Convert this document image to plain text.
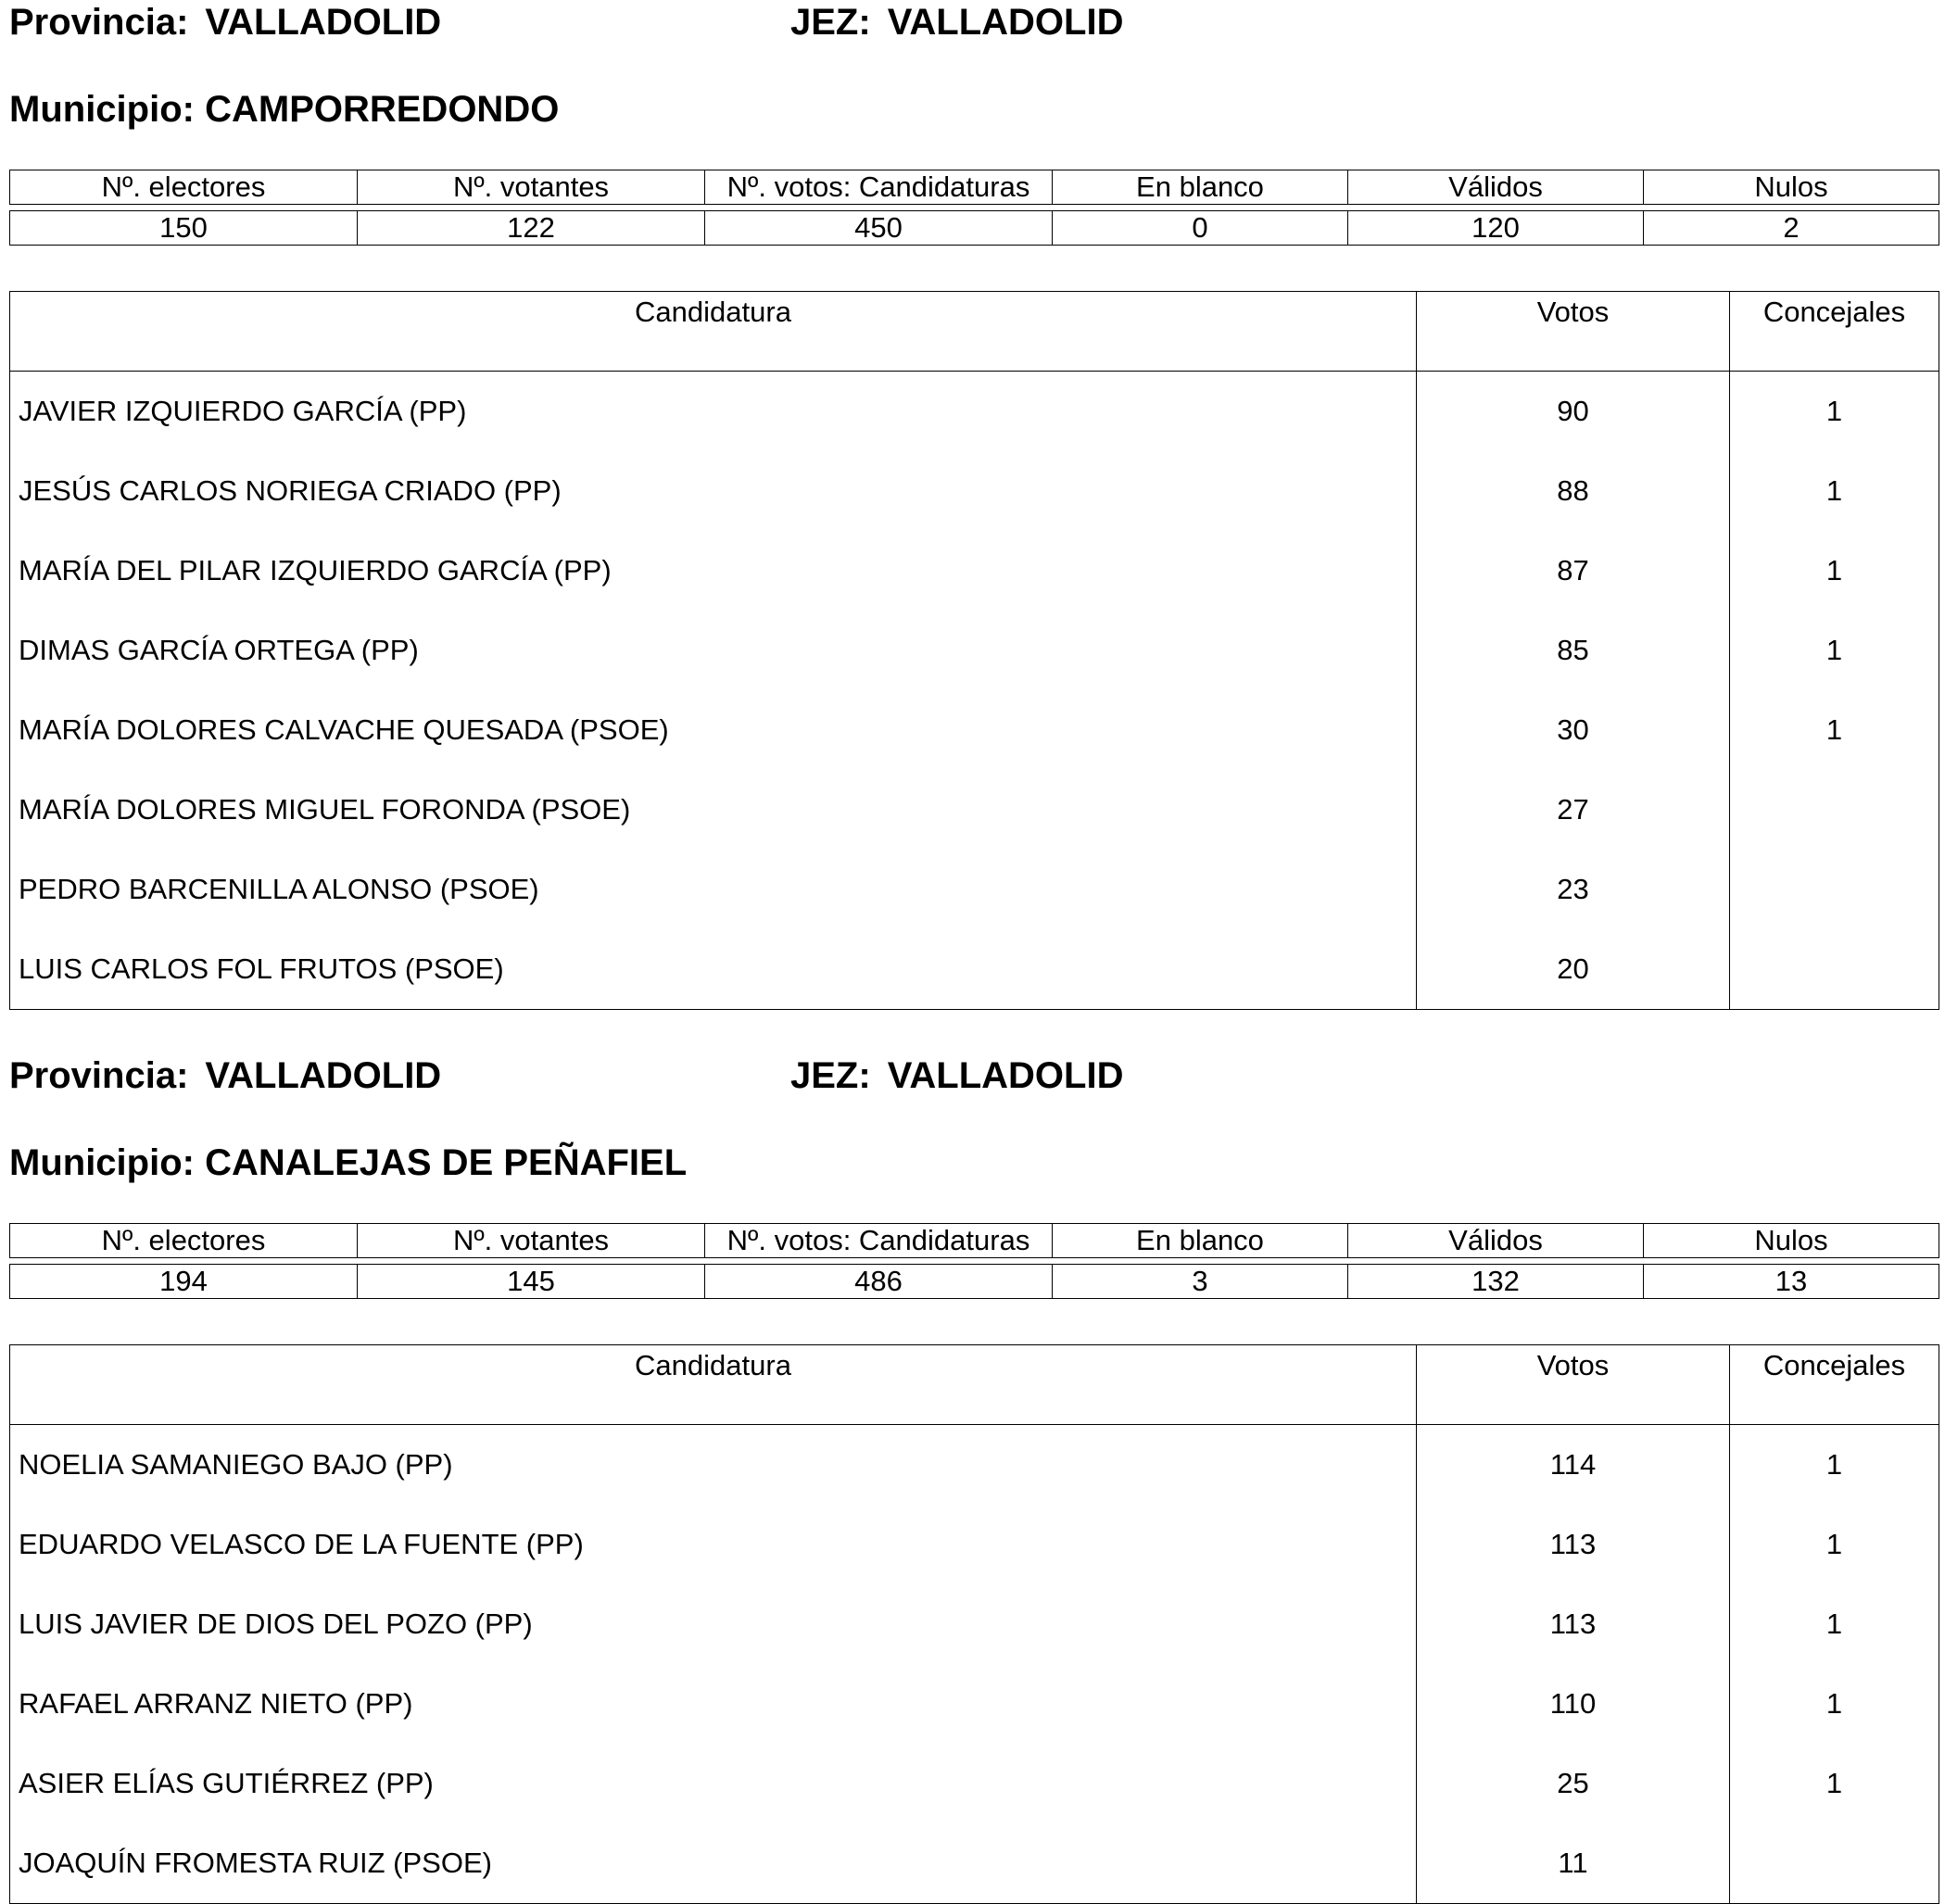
Provincia: VALLADOLID	JEZ: VALLADOLID
Municipio: CAMPORREDONDO
Nº. electores	Nº. votantes	Nº. votos: Candidaturas	En blanco	Válidos	Nulos
150	122	450	0	120	2
Candidatura	Votos	Concejales
JAVIER IZQUIERDO GARCÍA (PP)	90	1
JESÚS CARLOS NORIEGA CRIADO (PP)	88	1
MARÍA DEL PILAR IZQUIERDO GARCÍA (PP)	87	1
DIMAS GARCÍA ORTEGA (PP)	85	1
MARÍA DOLORES CALVACHE QUESADA (PSOE)	30	1
MARÍA DOLORES MIGUEL FORONDA (PSOE)	27	
PEDRO BARCENILLA ALONSO (PSOE)	23	
LUIS CARLOS FOL FRUTOS (PSOE)	20	
Provincia: VALLADOLID	JEZ: VALLADOLID
Municipio: CANALEJAS DE PEÑAFIEL
Nº. electores	Nº. votantes	Nº. votos: Candidaturas	En blanco	Válidos	Nulos
194	145	486	3	132	13
Candidatura	Votos	Concejales
NOELIA SAMANIEGO BAJO (PP)	114	1
EDUARDO VELASCO DE LA FUENTE (PP)	113	1
LUIS JAVIER DE DIOS DEL POZO (PP)	113	1
RAFAEL ARRANZ NIETO (PP)	110	1
ASIER ELÍAS GUTIÉRREZ (PP)	25	1
JOAQUÍN FROMESTA RUIZ (PSOE)	11	
